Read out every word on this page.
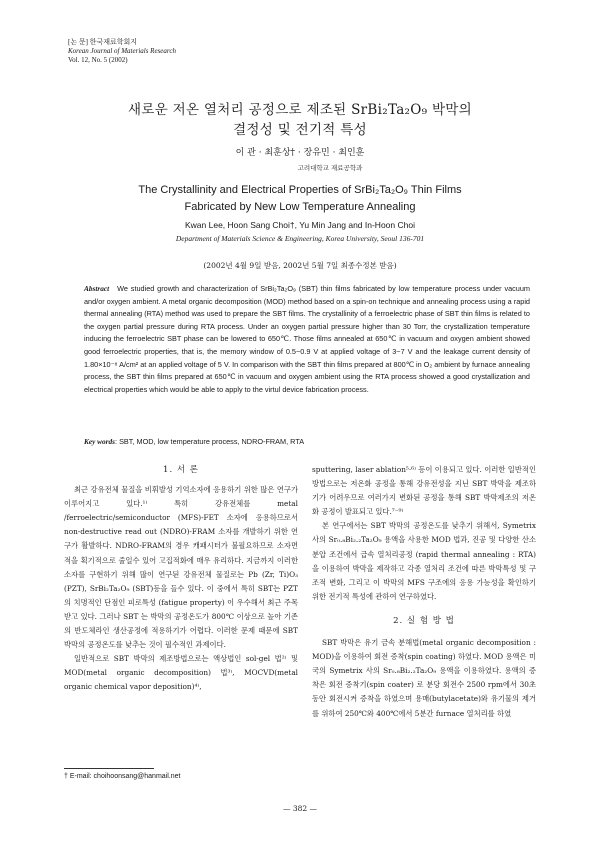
[논 문] 한국재료학회지
Korean Journal of Materials Research
Vol. 12, No. 5 (2002)
새로운 저온 열처리 공정으로 제조된 SrBi₂Ta₂O₉ 박막의
결정성 및 전기적 특성
이 관 · 최훈상† · 장유민 · 최인훈
고려대학교 재료공학과
The Crystallinity and Electrical Properties of SrBi₂Ta₂O₉ Thin Films
Fabricated by New Low Temperature Annealing
Kwan Lee, Hoon Sang Choi†, Yu Min Jang and In-Hoon Choi
Department of Materials Science & Engineering, Korea University, Seoul 136-701
(2002년 4월 9일 받음, 2002년 5월 7일 최종수정본 받음)
Abstract We studied growth and characterization of SrBi₂Ta₂O₉ (SBT) thin films fabricated by low temperature process under vacuum and/or oxygen ambient. A metal organic decomposition (MOD) method based on a spin-on technique and annealing process using a rapid thermal annealing (RTA) method was used to prepare the SBT films. The crystallinity of a ferroelectric phase of SBT thin films is related to the oxygen partial pressure during RTA process. Under an oxygen partial pressure higher than 30 Torr, the crystallization temperature inducing the ferroelectric SBT phase can be lowered to 650℃. Those films annealed at 650℃ in vacuum and oxygen ambient showed good ferroelectric properties, that is, the memory window of 0.5~0.9 V at applied voltage of 3~7 V and the leakage current density of 1.80×10⁻⁸ A/cm² at an applied voltage of 5 V. In comparison with the SBT thin films prepared at 800℃ in O₂ ambient by furnace annealing process, the SBT thin films prepared at 650℃ in vacuum and oxygen ambient using the RTA process showed a good crystallization and electrical properties which would be able to apply to the virtul device fabrication process.
Key words: SBT, MOD, low temperature process, NDRO-FRAM, RTA
1. 서 론

최근 강유전체 물질을 비휘발성 기억소자에 응용하기 위한 많은 연구가 이루어지고 있다.¹⁾ 특히 강유전체를 metal /ferroelectric/semiconductor (MFS)-FET 소자에 응용하므로서 non-destructive read out (NDRO)-FRAM 소자를 개발하기 위한 연구가 활발하다. NDRO-FRAM의 경우 캐패시터가 불필요하므로 소자면적을 획기적으로 줄일수 있어 고집적화에 매우 유리하다. 지금까지 이러한 소자를 구현하기 위해 많이 연구된 강유전체 물질로는 Pb (Zr, Ti)O₃ (PZT), SrBi₂Ta₂O₉ (SBT)등을 들수 있다. 이 중에서 특히 SBT는 PZT 의 치명적인 단점인 피로특성 (fatigue property) 이 우수해서 최근 주목받고 있다. 그러나 SBT 는 박막의 공정온도가 800℃ 이상으로 높아 기존의 반도체라인 생산공정에 적용하기가 어렵다. 이러한 문제 때문에 SBT 박막의 공정온도를 낮추는 것이 필수적인 과제이다.

일반적으로 SBT 박막의 제조방법으로는 액상법인 sol-gel 법²⁾ 및 MOD(metal organic decomposition) 법³⁾, MOCVD(metal organic chemical vapor deposition)⁴⁾,

† E-mail: choihoonsang@hanmail.net

sputtering, laser ablation⁵·⁶⁾ 등이 이용되고 있다. 이러한 일반적인 방법으로는 저온화 공정을 통해 강유전성을 지닌 SBT 박막을 제조하기가 어려우므로 여러가지 변화된 공정을 통해 SBT 박막제조의 저온화 공정이 발표되고 있다.⁷⁻⁹⁾

본 연구에서는 SBT 박막의 공정온도를 낮추기 위해서, Symetrix 사의 Sr₀.₈Bi₂.₂Ta₂O₉ 용액을 사용한 MOD 법과, 진공 및 다양한 산소분압 조건에서 급속 열처리공정 (rapid thermal annealing : RTA) 을 이용하여 박막을 제작하고 각종 열처리 조건에 따른 박막특성 및 구조적 변화, 그리고 이 박막의 MFS 구조에의 응용 가능성을 확인하기 위한 전기적 특성에 관하여 연구하였다.

2. 실 험 방 법

SBT 박막은 유기 금속 분해법(metal organic decomposition : MOD)을 이용하여 회전 증착(spin coating) 하였다. MOD 용액은 미국의 Symetrix 사의 Sr₀.₈Bi₂.₂Ta₂O₉ 용액을 이용하였다. 용액의 증착은 회전 증착기(spin coater) 로 분당 회전수 2500 rpm에서 30초 동안 회전시켜 증착을 하였으며 용매(butylacetate)와 유기물의 제거를 위하여 250℃와 400℃에서 5분간 furnace 열처리를 하였

— 382 —
